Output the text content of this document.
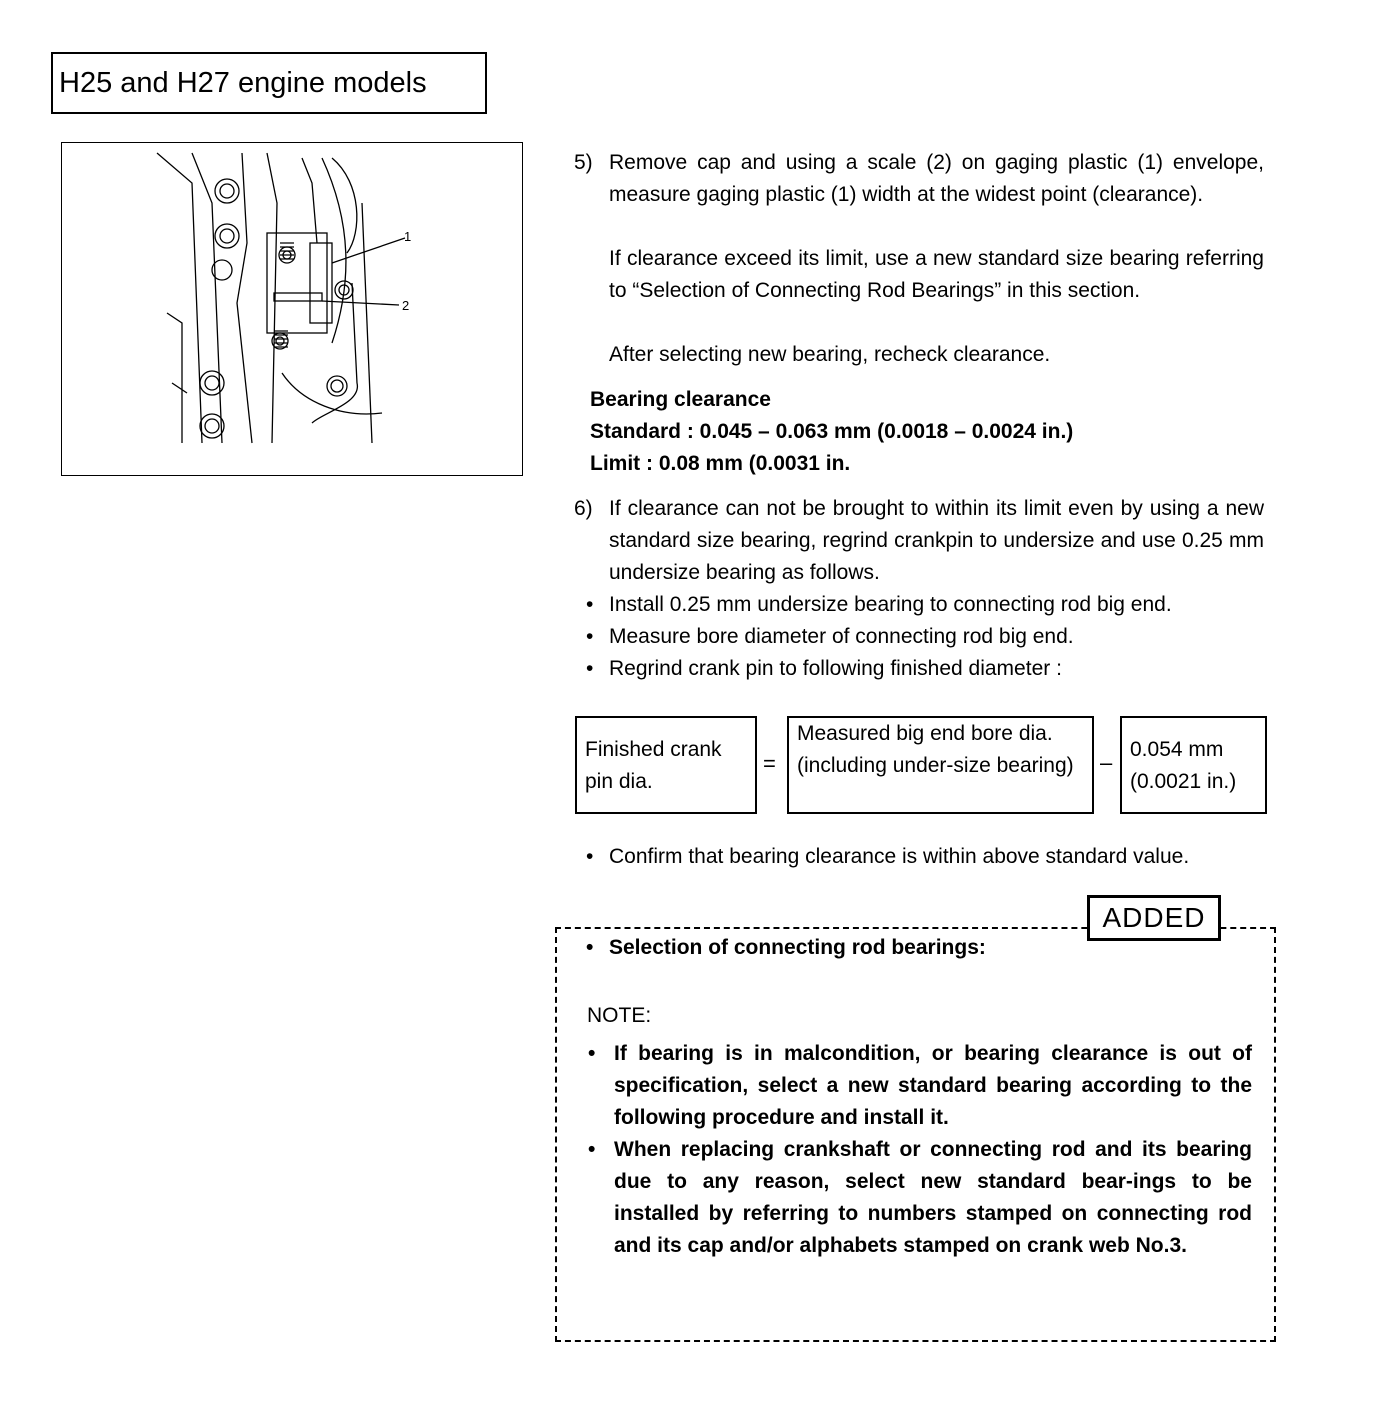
H25 and H27 engine models
1
2
5) Remove cap and using a scale (2) on gaging plastic (1) envelope, measure gaging plastic (1) width at the widest point (clearance).
If clearance exceed its limit, use a new standard size bearing referring to “Selection of Connecting Rod Bearings” in this section.
After selecting new bearing, recheck clearance.
Bearing clearance
Standard : 0.045 – 0.063 mm (0.0018 – 0.0024 in.)
Limit : 0.08 mm (0.0031 in.
6) If clearance can not be brought to within its limit even by using a new standard size bearing, regrind crankpin to undersize and use 0.25 mm undersize bearing as follows.
• Install 0.25 mm undersize bearing to connecting rod big end.
• Measure bore diameter of connecting rod big end.
• Regrind crank pin to following finished diameter :
Finished crank pin dia.
=
Measured big end bore dia. (including under-size bearing)	–
0.054 mm (0.0021 in.)
• Confirm that bearing clearance is within above standard value.
ADDED
• Selection of connecting rod bearings:
NOTE:
• If bearing is in malcondition, or bearing clearance is out of specification, select a new standard bearing according to the following procedure and install it.
• When replacing crankshaft or connecting rod and its bearing due to any reason, select new standard bear-ings to be installed by referring to numbers stamped on connecting rod and its cap and/or alphabets stamped on crank web No.3.
